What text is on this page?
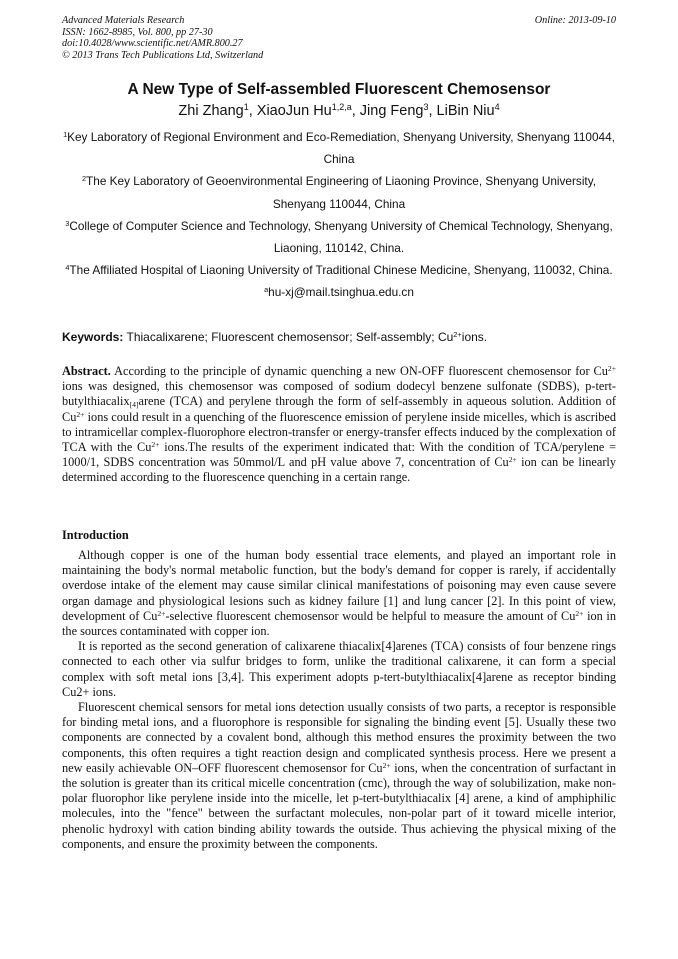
Advanced Materials Research
ISSN: 1662-8985, Vol. 800, pp 27-30
doi:10.4028/www.scientific.net/AMR.800.27
© 2013 Trans Tech Publications Ltd, Switzerland
Online: 2013-09-10
A New Type of Self-assembled Fluorescent Chemosensor
Zhi Zhang$^1$, XiaoJun Hu$^{1,2,a}$, Jing Feng$^3$, LiBin Niu$^4$
$^1$Key Laboratory of Regional Environment and Eco-Remediation, Shenyang University, Shenyang 110044, China
$^2$The Key Laboratory of Geoenvironmental Engineering of Liaoning Province, Shenyang University, Shenyang 110044, China
$^3$College of Computer Science and Technology, Shenyang University of Chemical Technology, Shenyang, Liaoning, 110142, China.
$^4$The Affiliated Hospital of Liaoning University of Traditional Chinese Medicine, Shenyang, 110032, China.
$^a$hu-xj@mail.tsinghua.edu.cn
Keywords: Thiacalixarene; Fluorescent chemosensor; Self-assembly; $Cu^{2+}ions$.
Abstract. According to the principle of dynamic quenching a new ON-OFF fluorescent chemosensor for $Cu^{2+}$ ions was designed, this chemosensor was composed of sodium dodecyl benzene sulfonate (SDBS), p-tert-butylthiacalix$_{[4]}$arene (TCA) and perylene through the form of self-assembly in aqueous solution. Addition of $Cu^{2+}$ ions could result in a quenching of the fluorescence emission of perylene inside micelles, which is ascribed to intramicellar complex-fluorophore electron-transfer or energy-transfer effects induced by the complexation of TCA with the $Cu^{2+}$ ions.The results of the experiment indicated that: With the condition of TCA/perylene = 1000/1, SDBS concentration was 50mmol/L and pH value above 7, concentration of $Cu^{2+}$ ion can be linearly determined according to the fluorescence quenching in a certain range.
Introduction

Although copper is one of the human body essential trace elements, and played an important role in maintaining the body's normal metabolic function, but the body's demand for copper is rarely, if accidentally overdose intake of the element may cause similar clinical manifestations of poisoning may even cause severe organ damage and physiological lesions such as kidney failure [1] and lung cancer [2]. In this point of view, development of $Cu^{2+}$-selective fluorescent chemosensor would be helpful to measure the amount of $Cu^{2+}$ ion in the sources contaminated with copper ion.

It is reported as the second generation of calixarene thiacalix[4]arenes (TCA) consists of four benzene rings connected to each other via sulfur bridges to form, unlike the traditional calixarene, it can form a special complex with soft metal ions [3,4]. This experiment adopts p-tert-butylthiacalix[4]arene as receptor binding Cu2+ ions.

Fluorescent chemical sensors for metal ions detection usually consists of two parts, a receptor is responsible for binding metal ions, and a fluorophore is responsible for signaling the binding event [5]. Usually these two components are connected by a covalent bond, although this method ensures the proximity between the two components, this often requires a tight reaction design and complicated synthesis process. Here we present a new easily achievable ON–OFF fluorescent chemosensor for $Cu^{2+}$ ions, when the concentration of surfactant in the solution is greater than its critical micelle concentration (cmc), through the way of solubilization, make non-polar fluorophor like perylene inside into the micelle, let p-tert-butylthiacalix [4] arene, a kind of amphiphilic molecules, into the "fence" between the surfactant molecules, non-polar part of it toward micelle interior, phenolic hydroxyl with cation binding ability towards the outside. Thus achieving the physical mixing of the components, and ensure the proximity between the components.
